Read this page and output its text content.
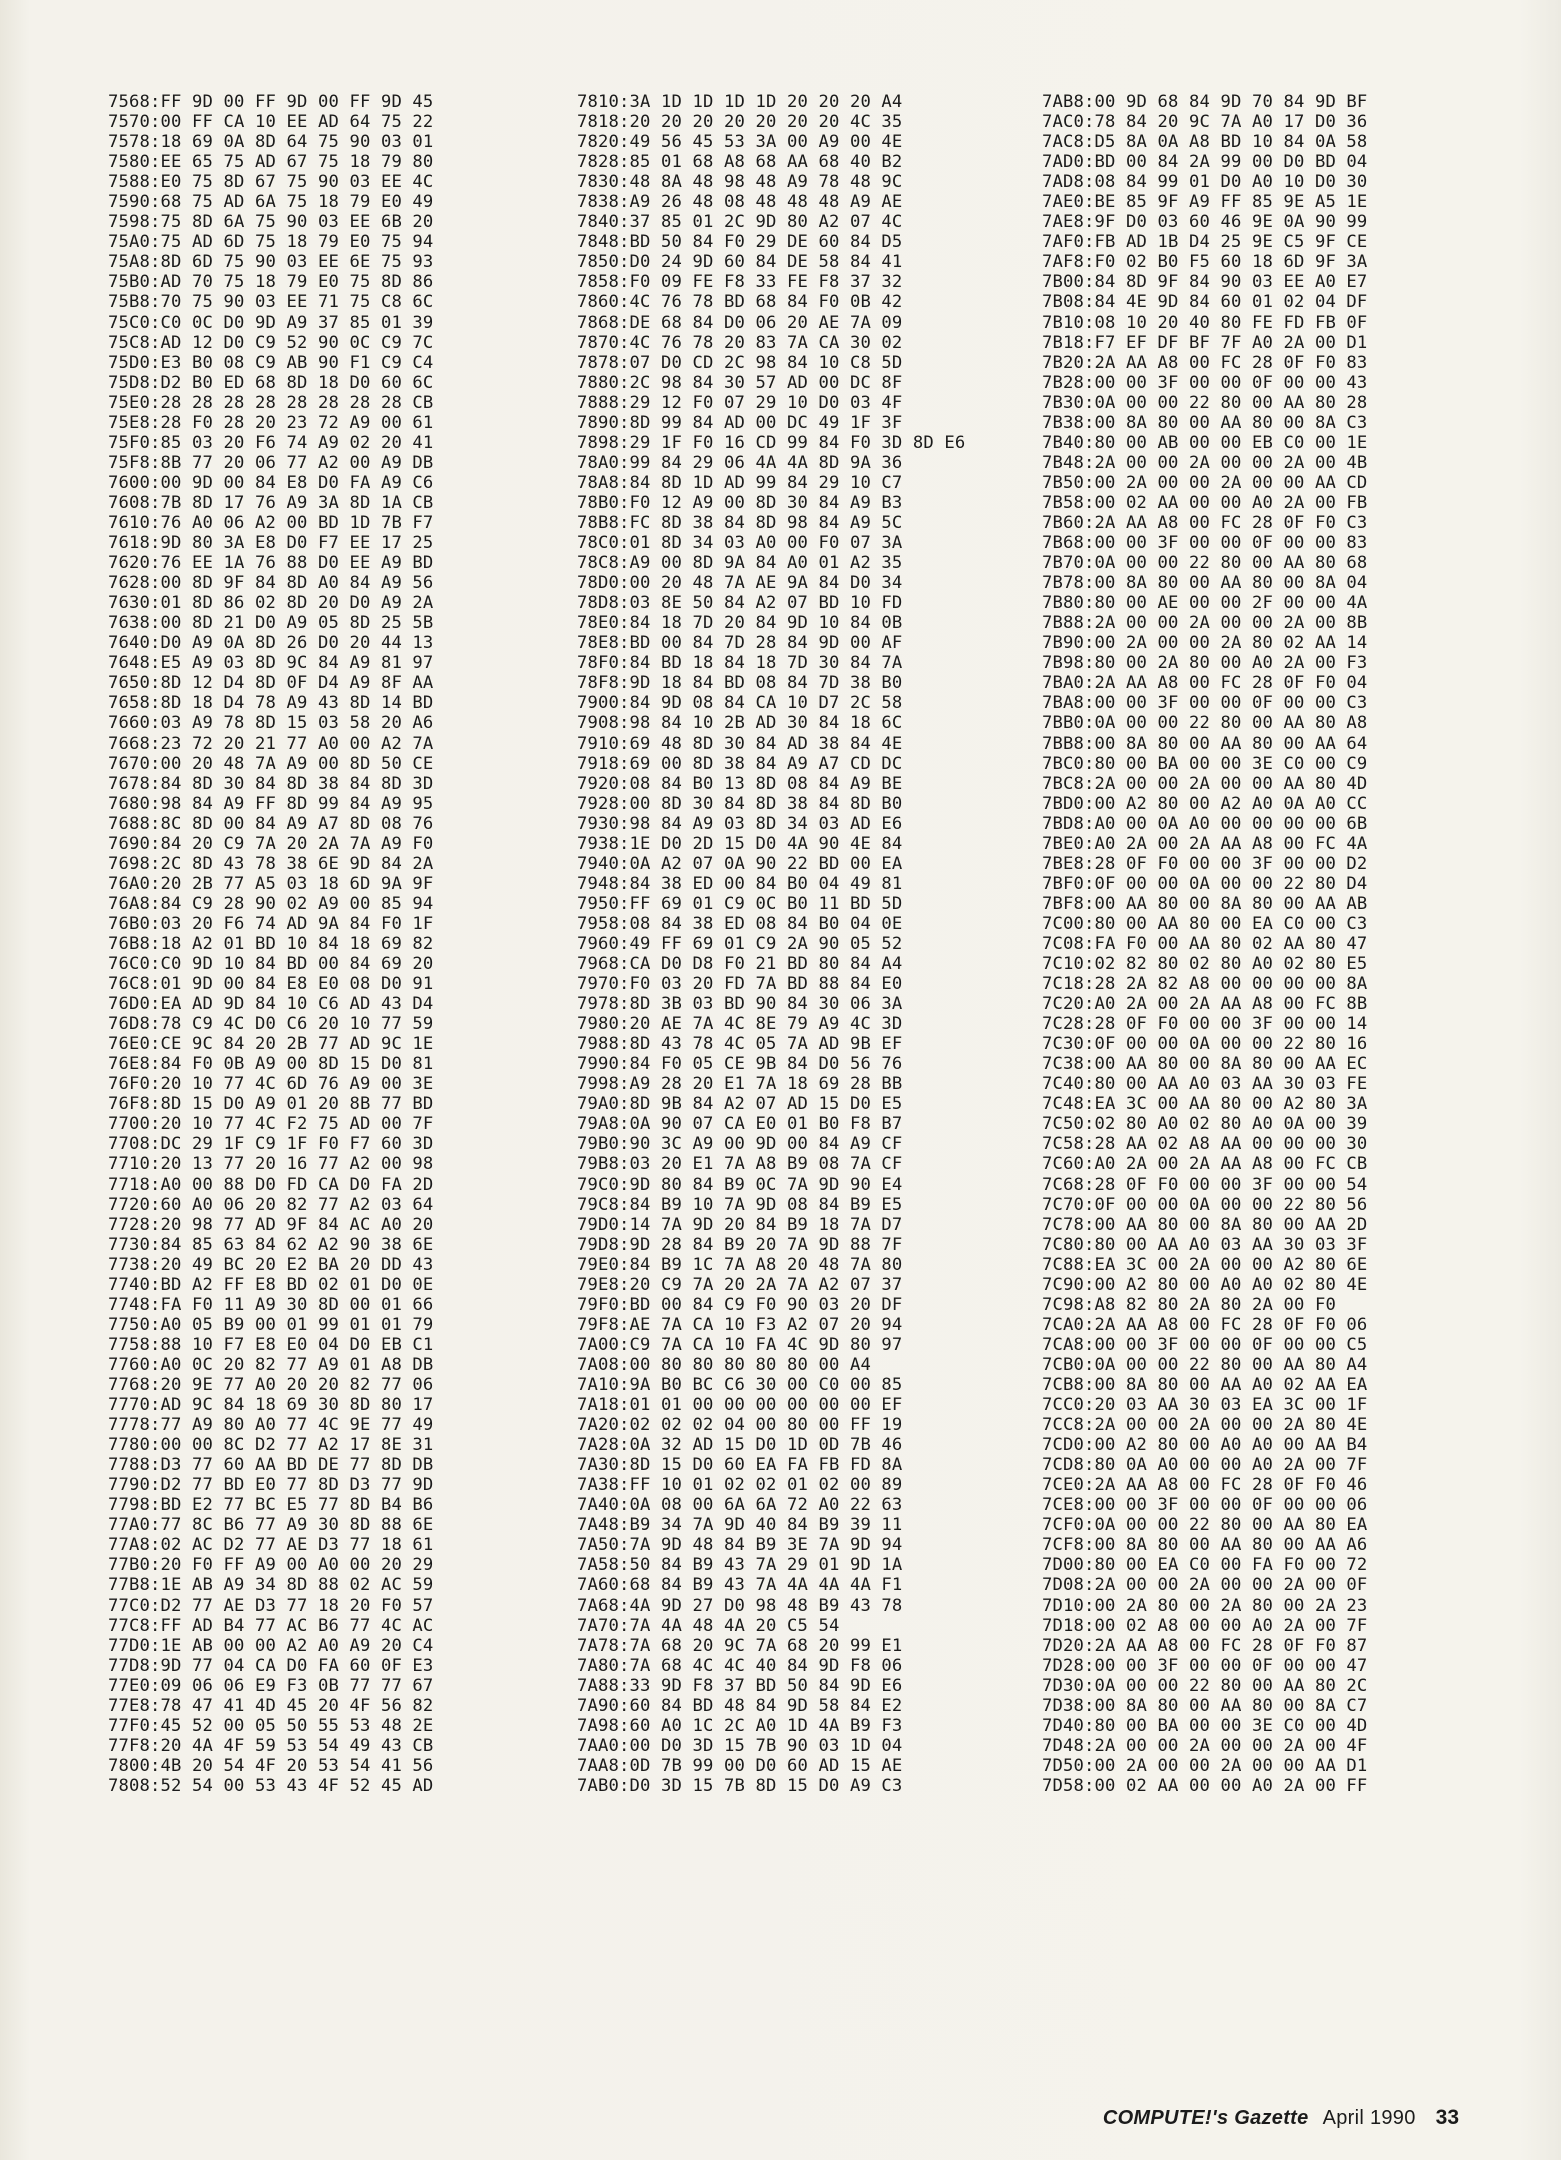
7568:FF 9D 00 FF 9D 00 FF 9D 45
7570:00 FF CA 10 EE AD 64 75 22
7578:18 69 0A 8D 64 75 90 03 01
7580:EE 65 75 AD 67 75 18 79 80
7588:E0 75 8D 67 75 90 03 EE 4C
7590:68 75 AD 6A 75 18 79 E0 49
7598:75 8D 6A 75 90 03 EE 6B 20
75A0:75 AD 6D 75 18 79 E0 75 94
75A8:8D 6D 75 90 03 EE 6E 75 93
75B0:AD 70 75 18 79 E0 75 8D 86
75B8:70 75 90 03 EE 71 75 C8 6C
75C0:C0 0C D0 9D A9 37 85 01 39
75C8:AD 12 D0 C9 52 90 0C C9 7C
75D0:E3 B0 08 C9 AB 90 F1 C9 C4
75D8:D2 B0 ED 68 8D 18 D0 60 6C
75E0:28 28 28 28 28 28 28 28 CB
75E8:28 F0 28 20 23 72 A9 00 61
75F0:85 03 20 F6 74 A9 02 20 41
75F8:8B 77 20 06 77 A2 00 A9 DB
7600:00 9D 00 84 E8 D0 FA A9 C6
7608:7B 8D 17 76 A9 3A 8D 1A CB
7610:76 A0 06 A2 00 BD 1D 7B F7
7618:9D 80 3A E8 D0 F7 EE 17 25
7620:76 EE 1A 76 88 D0 EE A9 BD
7628:00 8D 9F 84 8D A0 84 A9 56
7630:01 8D 86 02 8D 20 D0 A9 2A
7638:00 8D 21 D0 A9 05 8D 25 5B
7640:D0 A9 0A 8D 26 D0 20 44 13
7648:E5 A9 03 8D 9C 84 A9 81 97
7650:8D 12 D4 8D 0F D4 A9 8F AA
7658:8D 18 D4 78 A9 43 8D 14 BD
7660:03 A9 78 8D 15 03 58 20 A6
7668:23 72 20 21 77 A0 00 A2 7A
7670:00 20 48 7A A9 00 8D 50 CE
7678:84 8D 30 84 8D 38 84 8D 3D
7680:98 84 A9 FF 8D 99 84 A9 95
7688:8C 8D 00 84 A9 A7 8D 08 76
7690:84 20 C9 7A 20 2A 7A A9 F0
7698:2C 8D 43 78 38 6E 9D 84 2A
76A0:20 2B 77 A5 03 18 6D 9A 9F
76A8:84 C9 28 90 02 A9 00 85 94
76B0:03 20 F6 74 AD 9A 84 F0 1F
76B8:18 A2 01 BD 10 84 18 69 82
76C0:C0 9D 10 84 BD 00 84 69 20
76C8:01 9D 00 84 E8 E0 08 D0 91
76D0:EA AD 9D 84 10 C6 AD 43 D4
76D8:78 C9 4C D0 C6 20 10 77 59
76E0:CE 9C 84 20 2B 77 AD 9C 1E
76E8:84 F0 0B A9 00 8D 15 D0 81
76F0:20 10 77 4C 6D 76 A9 00 3E
76F8:8D 15 D0 A9 01 20 8B 77 BD
7700:20 10 77 4C F2 75 AD 00 7F
7708:DC 29 1F C9 1F F0 F7 60 3D
7710:20 13 77 20 16 77 A2 00 98
7718:A0 00 88 D0 FD CA D0 FA 2D
7720:60 A0 06 20 82 77 A2 03 64
7728:20 98 77 AD 9F 84 AC A0 20
7730:84 85 63 84 62 A2 90 38 6E
7738:20 49 BC 20 E2 BA 20 DD 43
7740:BD A2 FF E8 BD 02 01 D0 0E
7748:FA F0 11 A9 30 8D 00 01 66
7750:A0 05 B9 00 01 99 01 01 79
7758:88 10 F7 E8 E0 04 D0 EB C1
7760:A0 0C 20 82 77 A9 01 A8 DB
7768:20 9E 77 A0 20 20 82 77 06
7770:AD 9C 84 18 69 30 8D 80 17
7778:77 A9 80 A0 77 4C 9E 77 49
7780:00 00 8C D2 77 A2 17 8E 31
7788:D3 77 60 AA BD DE 77 8D DB
7790:D2 77 BD E0 77 8D D3 77 9D
7798:BD E2 77 BC E5 77 8D B4 B6
77A0:77 8C B6 77 A9 30 8D 88 6E
77A8:02 AC D2 77 AE D3 77 18 61
77B0:20 F0 FF A9 00 A0 00 20 29
77B8:1E AB A9 34 8D 88 02 AC 59
77C0:D2 77 AE D3 77 18 20 F0 57
77C8:FF AD B4 77 AC B6 77 4C AC
77D0:1E AB 00 00 A2 A0 A9 20 C4
77D8:9D 77 04 CA D0 FA 60 0F E3
77E0:09 06 06 E9 F3 0B 77 77 67
77E8:78 47 41 4D 45 20 4F 56 82
77F0:45 52 00 05 50 55 53 48 2E
77F8:20 4A 4F 59 53 54 49 43 CB
7800:4B 20 54 4F 20 53 54 41 56
7808:52 54 00 53 43 4F 52 45 AD
7810:3A 1D 1D 1D 1D 20 20 20 A4
7818:20 20 20 20 20 20 20 4C 35
7820:49 56 45 53 3A 00 A9 00 4E
7828:85 01 68 A8 68 AA 68 40 B2
7830:48 8A 48 98 48 A9 78 48 9C
7838:A9 26 48 08 48 48 48 A9 AE
7840:37 85 01 2C 9D 80 A2 07 4C
7848:BD 50 84 F0 29 DE 60 84 D5
7850:D0 24 9D 60 84 DE 58 84 41
7858:F0 09 FE F8 33 FE F8 37 32
7860:4C 76 78 BD 68 84 F0 0B 42
7868:DE 68 84 D0 06 20 AE 7A 09
7870:4C 76 78 20 83 7A CA 30 02
7878:07 D0 CD 2C 98 84 10 C8 5D
7880:2C 98 84 30 57 AD 00 DC 8F
7888:29 12 F0 07 29 10 D0 03 4F
7890:8D 99 84 AD 00 DC 49 1F 3F
7898:29 1F F0 16 CD 99 84 F0 3D 8D E6
78A0:99 84 29 06 4A 4A 8D 9A 36
78A8:84 8D 1D AD 99 84 29 10 C7
78B0:F0 12 A9 00 8D 30 84 A9 B3
78B8:FC 8D 38 84 8D 98 84 A9 5C
78C0:01 8D 34 03 A0 00 F0 07 3A
78C8:A9 00 8D 9A 84 A0 01 A2 35
78D0:00 20 48 7A AE 9A 84 D0 34
78D8:03 8E 50 84 A2 07 BD 10 FD
78E0:84 18 7D 20 84 9D 10 84 0B
78E8:BD 00 84 7D 28 84 9D 00 AF
78F0:84 BD 18 84 18 7D 30 84 7A
78F8:9D 18 84 BD 08 84 7D 38 B0
7900:84 9D 08 84 CA 10 D7 2C 58
7908:98 84 10 2B AD 30 84 18 6C
7910:69 48 8D 30 84 AD 38 84 4E
7918:69 00 8D 38 84 A9 A7 CD DC
7920:08 84 B0 13 8D 08 84 A9 BE
7928:00 8D 30 84 8D 38 84 8D B0
7930:98 84 A9 03 8D 34 03 AD E6
7938:1E D0 2D 15 D0 4A 90 4E 84
7940:0A A2 07 0A 90 22 BD 00 EA
7948:84 38 ED 00 84 B0 04 49 81
7950:FF 69 01 C9 0C B0 11 BD 5D
7958:08 84 38 ED 08 84 B0 04 0E
7960:49 FF 69 01 C9 2A 90 05 52
7968:CA D0 D8 F0 21 BD 80 84 A4
7970:F0 03 20 FD 7A BD 88 84 E0
7978:8D 3B 03 BD 90 84 30 06 3A
7980:20 AE 7A 4C 8E 79 A9 4C 3D
7988:8D 43 78 4C 05 7A AD 9B EF
7990:84 F0 05 CE 9B 84 D0 56 76
7998:A9 28 20 E1 7A 18 69 28 BB
79A0:8D 9B 84 A2 07 AD 15 D0 E5
79A8:0A 90 07 CA E0 01 B0 F8 B7
79B0:90 3C A9 00 9D 00 84 A9 CF
79B8:03 20 E1 7A A8 B9 08 7A CF
79C0:9D 80 84 B9 0C 7A 9D 90 E4
79C8:84 B9 10 7A 9D 08 84 B9 E5
79D0:14 7A 9D 20 84 B9 18 7A D7
79D8:9D 28 84 B9 20 7A 9D 88 7F
79E0:84 B9 1C 7A A8 20 48 7A 80
79E8:20 C9 7A 20 2A 7A A2 07 37
79F0:BD 00 84 C9 F0 90 03 20 DF
79F8:AE 7A CA 10 F3 A2 07 20 94
7A00:C9 7A CA 10 FA 4C 9D 80 97
7A08:00 80 80 80 80 80 00 A4
7A10:9A B0 BC C6 30 00 C0 00 85
7A18:01 01 00 00 00 00 00 00 EF
7A20:02 02 02 04 00 80 00 FF 19
7A28:0A 32 AD 15 D0 1D 0D 7B 46
7A30:8D 15 D0 60 EA FA FB FD 8A
7A38:FF 10 01 02 02 01 02 00 89
7A40:0A 08 00 6A 6A 72 A0 22 63
7A48:B9 34 7A 9D 40 84 B9 39 11
7A50:7A 9D 48 84 B9 3E 7A 9D 94
7A58:50 84 B9 43 7A 29 01 9D 1A
7A60:68 84 B9 43 7A 4A 4A 4A F1
7A68:4A 9D 27 D0 98 48 B9 43 78
7A70:7A 4A 48 4A 20 C5 54
7A78:7A 68 20 9C 7A 68 20 99 E1
7A80:7A 68 4C 4C 40 84 9D F8 06
7A88:33 9D F8 37 BD 50 84 9D E6
7A90:60 84 BD 48 84 9D 58 84 E2
7A98:60 A0 1C 2C A0 1D 4A B9 F3
7AA0:00 D0 3D 15 7B 90 03 1D 04
7AA8:0D 7B 99 00 D0 60 AD 15 AE
7AB0:D0 3D 15 7B 8D 15 D0 A9 C3
7AB8:00 9D 68 84 9D 70 84 9D BF
7AC0:78 84 20 9C 7A A0 17 D0 36
7AC8:D5 8A 0A A8 BD 10 84 0A 58
7AD0:BD 00 84 2A 99 00 D0 BD 04
7AD8:08 84 99 01 D0 A0 10 D0 30
7AE0:BE 85 9F A9 FF 85 9E A5 1E
7AE8:9F D0 03 60 46 9E 0A 90 99
7AF0:FB AD 1B D4 25 9E C5 9F CE
7AF8:F0 02 B0 F5 60 18 6D 9F 3A
7B00:84 8D 9F 84 90 03 EE A0 E7
7B08:84 4E 9D 84 60 01 02 04 DF
7B10:08 10 20 40 80 FE FD FB 0F
7B18:F7 EF DF BF 7F A0 2A 00 D1
7B20:2A AA A8 00 FC 28 0F F0 83
7B28:00 00 3F 00 00 0F 00 00 43
7B30:0A 00 00 22 80 00 AA 80 28
7B38:00 8A 80 00 AA 80 00 8A C3
7B40:80 00 AB 00 00 EB C0 00 1E
7B48:2A 00 00 2A 00 00 2A 00 4B
7B50:00 2A 00 00 2A 00 00 AA CD
7B58:00 02 AA 00 00 A0 2A 00 FB
7B60:2A AA A8 00 FC 28 0F F0 C3
7B68:00 00 3F 00 00 0F 00 00 83
7B70:0A 00 00 22 80 00 AA 80 68
7B78:00 8A 80 00 AA 80 00 8A 04
7B80:80 00 AE 00 00 2F 00 00 4A
7B88:2A 00 00 2A 00 00 2A 00 8B
7B90:00 2A 00 00 2A 80 02 AA 14
7B98:80 00 2A 80 00 A0 2A 00 F3
7BA0:2A AA A8 00 FC 28 0F F0 04
7BA8:00 00 3F 00 00 0F 00 00 C3
7BB0:0A 00 00 22 80 00 AA 80 A8
7BB8:00 8A 80 00 AA 80 00 AA 64
7BC0:80 00 BA 00 00 3E C0 00 C9
7BC8:2A 00 00 2A 00 00 AA 80 4D
7BD0:00 A2 80 00 A2 A0 0A A0 CC
7BD8:A0 00 0A A0 00 00 00 00 6B
7BE0:A0 2A 00 2A AA A8 00 FC 4A
7BE8:28 0F F0 00 00 3F 00 00 D2
7BF0:0F 00 00 0A 00 00 22 80 D4
7BF8:00 AA 80 00 8A 80 00 AA AB
7C00:80 00 AA 80 00 EA C0 00 C3
7C08:FA F0 00 AA 80 02 AA 80 47
7C10:02 82 80 02 80 A0 02 80 E5
7C18:28 2A 82 A8 00 00 00 00 8A
7C20:A0 2A 00 2A AA A8 00 FC 8B
7C28:28 0F F0 00 00 3F 00 00 14
7C30:0F 00 00 0A 00 00 22 80 16
7C38:00 AA 80 00 8A 80 00 AA EC
7C40:80 00 AA A0 03 AA 30 03 FE
7C48:EA 3C 00 AA 80 00 A2 80 3A
7C50:02 80 A0 02 80 A0 0A 00 39
7C58:28 AA 02 A8 AA 00 00 00 30
7C60:A0 2A 00 2A AA A8 00 FC CB
7C68:28 0F F0 00 00 3F 00 00 54
7C70:0F 00 00 0A 00 00 22 80 56
7C78:00 AA 80 00 8A 80 00 AA 2D
7C80:80 00 AA A0 03 AA 30 03 3F
7C88:EA 3C 00 2A 00 00 A2 80 6E
7C90:00 A2 80 00 A0 A0 02 80 4E
7C98:A8 82 80 2A 80 2A 00 F0
7CA0:2A AA A8 00 FC 28 0F F0 06
7CA8:00 00 3F 00 00 0F 00 00 C5
7CB0:0A 00 00 22 80 00 AA 80 A4
7CB8:00 8A 80 00 AA A0 02 AA EA
7CC0:20 03 AA 30 03 EA 3C 00 1F
7CC8:2A 00 00 2A 00 00 2A 80 4E
7CD0:00 A2 80 00 A0 A0 00 AA B4
7CD8:80 0A A0 00 00 A0 2A 00 7F
7CE0:2A AA A8 00 FC 28 0F F0 46
7CE8:00 00 3F 00 00 0F 00 00 06
7CF0:0A 00 00 22 80 00 AA 80 EA
7CF8:00 8A 80 00 AA 80 00 AA A6
7D00:80 00 EA C0 00 FA F0 00 72
7D08:2A 00 00 2A 00 00 2A 00 0F
7D10:00 2A 80 00 2A 80 00 2A 23
7D18:00 02 A8 00 00 A0 2A 00 7F
7D20:2A AA A8 00 FC 28 0F F0 87
7D28:00 00 3F 00 00 0F 00 00 47
7D30:0A 00 00 22 80 00 AA 80 2C
7D38:00 8A 80 00 AA 80 00 8A C7
7D40:80 00 BA 00 00 3E C0 00 4D
7D48:2A 00 00 2A 00 00 2A 00 4F
7D50:00 2A 00 00 2A 00 00 AA D1
7D58:00 02 AA 00 00 A0 2A 00 FF
COMPUTE!'s Gazette April 1990 33
